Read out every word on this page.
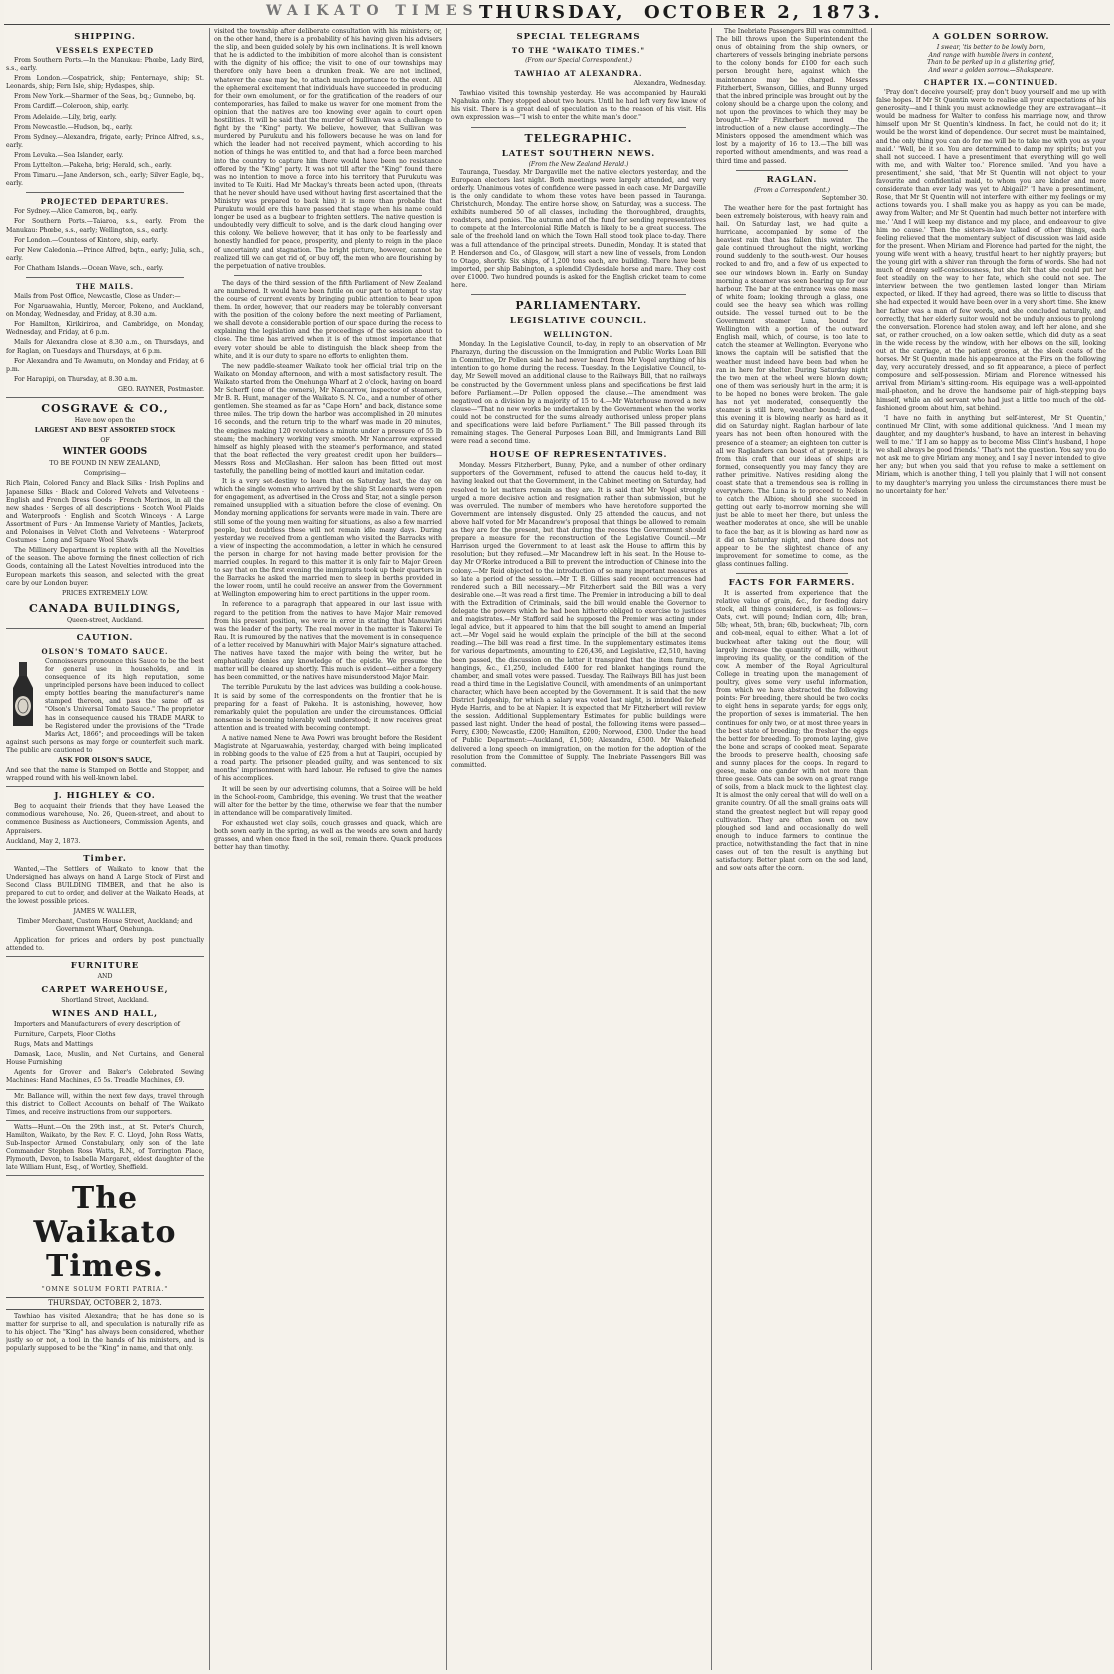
WAIKATO TIMES THURSDAY, OCTOBER 2, 1873.
SHIPPING.
VESSELS EXPECTED

From Southern Ports.—In the Manukau: Phœbe, Lady Bird, s.s., early.

From London.—Cospatrick, ship; Fenternaye, ship; St. Leonards, ship; Fern Isle, ship; Hydaspes, ship.

From New York.—Sharmer of the Seas, bq.; Gunnebo, bq.

From Cardiff.—Coleroon, ship, early.

From Adelaide.—Lily, brig, early.

From Newcastle.—Hudson, bq., early.

From Sydney.—Alexandra, frigate, early; Prince Alfred, s.s., early.

From Levuka.—Sea Islander, early.

From Lyttelton.—Pakeha, brig; Herald, sch., early.

From Timaru.—Jane Anderson, sch., early; Silver Eagle, bq., early.

PROJECTED DEPARTURES.

For Sydney.—Alice Cameron, bq., early.

For Southern Ports.—Taiaroa, s.s., early. From the Manukau: Phœbe, s.s., early; Wellington, s.s., early.

For London.—Countess of Kintore, ship, early.

For New Caledonia.—Prince Alfred, bqtn., early; Julia, sch., early.

For Chatham Islands.—Ocean Wave, sch., early.

THE MAILS.

Mails from Post Office, Newcastle, Close as Under:—

For Ngaruawahia, Huntly, Mercer, Pokeno, and Auckland, on Monday, Wednesday, and Friday, at 8.30 a.m.

For Hamilton, Kirikiriroa, and Cambridge, on Monday, Wednesday, and Friday, at 6 p.m.

Mails for Alexandra close at 8.30 a.m., on Thursdays, and for Raglan, on Tuesdays and Thursdays, at 6 p.m.

For Alexandra and Te Awamutu, on Monday and Friday, at 6 p.m.

For Harapipi, on Thursday, at 8.30 a.m.

GEO. RAYNER, Postmaster.

COSGRAVE & CO.,

Have now open the

LARGEST AND BEST ASSORTED STOCK

OF

WINTER GOODS

TO BE FOUND IN NEW ZEALAND,

Comprising—

Rich Plain, Colored Fancy and Black Silks · Irish Poplins and Japanese Silks · Black and Colored Velvets and Velveteens · English and French Dress Goods · French Merinos, in all the new shades · Serges of all descriptions · Scotch Wool Plaids and Waterproofs · English and Scotch Winceys · A Large Assortment of Furs · An Immense Variety of Mantles, Jackets, and Polonaises in Velvet Cloth and Velveteens · Waterproof Costumes · Long and Square Wool Shawls

The Millinery Department is replete with all the Novelties of the season. The above forming the finest collection of rich Goods, containing all the Latest Novelties introduced into the European markets this season, and selected with the great care by our London buyer.

PRICES EXTREMELY LOW.

CANADA BUILDINGS,

Queen-street, Auckland.

CAUTION.
OLSON'S TOMATO SAUCE.

Connoisseurs pronounce this Sauce to be the best for general use in households, and in consequence of its high reputation, some unprincipled persons have been induced to collect empty bottles bearing the manufacturer's name stamped thereon, and pass the same off as "Olson's Universal Tomato Sauce." The proprietor has in consequence caused his TRADE MARK to be Registered under the provisions of the "Trade Marks Act, 1866"; and proceedings will be taken against such persons as may forge or counterfeit such mark. The public are cautioned to

ASK FOR OLSON'S SAUCE,

And see that the name is Stamped on Bottle and Stopper, and wrapped round with his well-known label.

J. HIGHLEY & CO.

Beg to acquaint their friends that they have Leased the commodious warehouse, No. 26, Queen-street, and about to commence Business as Auctioneers, Commission Agents, and Appraisers.

Auckland, May 2, 1873.

Timber.

Wanted,—The Settlers of Waikato to know that the Undersigned has always on hand A Large Stock of First and Second Class BUILDING TIMBER, and that he also is prepared to cut to order, and deliver at the Waikato Heads, at the lowest possible prices.

JAMES W. WALLER,

Timber Merchant, Custom House Street, Auckland; and Government Wharf, Onehunga.

Application for prices and orders by post punctually attended to.

FURNITURE

AND

CARPET WAREHOUSE,

Shortland Street, Auckland.

WINES AND HALL,

Importers and Manufacturers of every description of

Furniture, Carpets, Floor Cloths

Rugs, Mats and Mattings

Damask, Lace, Muslin, and Net Curtains, and General House Furnishing

Agents for Grover and Baker's Celebrated Sewing Machines: Hand Machines, £5 5s. Treadle Machines, £9.

Mr. Ballance will, within the next few days, travel through this district to Collect Accounts on behalf of The Waikato Times, and receive instructions from our supporters.

Watts—Hunt.—On the 29th inst., at St. Peter's Church, Hamilton, Waikato, by the Rev. F. C. Lloyd, John Ross Watts, Sub-Inspector Armed Constabulary, only son of the late Commander Stephen Ross Watts, R.N., of Torrington Place, Plymouth, Devon, to Isabella Margaret, eldest daughter of the late William Hunt, Esq., of Wortley, Sheffield.

The Waikato Times.
"OMNE SOLUM FORTI PATRIA."
THURSDAY, OCTOBER 2, 1873.

Tawhiao has visited Alexandra; that he has done so is matter for surprise to all, and speculation is naturally rife as to his object. The "King" has always been considered, whether justly so or not, a tool in the hands of his ministers, and is popularly supposed to be the "King" in name, and that only.

visited the township after deliberate consultation with his ministers; or, on the other hand, there is a probability of his having given his advisers the slip, and been guided solely by his own inclinations. It is well known that he is addicted to the imbibition of more alcohol than is consistent with the dignity of his office; the visit to one of our townships may therefore only have been a drunken freak. We are not inclined, whatever the case may be, to attach much importance to the event. All the ephemeral excitement that individuals have succeeded in producing for their own emolument, or for the gratification of the readers of our contemporaries, has failed to make us waver for one moment from the opinion that the natives are too knowing ever again to court open hostilities. It will be said that the murder of Sullivan was a challenge to fight by the "King" party. We believe, however, that Sullivan was murdered by Purukutu and his followers because he was on land for which the leader had not received payment, which according to his notion of things he was entitled to, and that had a force been marched into the country to capture him there would have been no resistance offered by the "King" party. It was not till after the "King" found there was no intention to move a force into his territory that Purukutu was invited to Te Kuiti. Had Mr Mackay's threats been acted upon, (threats that he never should have used without having first ascertained that the Ministry was prepared to back him) it is more than probable that Purukutu would ere this have passed that stage when his name could longer be used as a bugbear to frighten settlers. The native question is undoubtedly very difficult to solve, and is the dark cloud hanging over this colony. We believe however, that it has only to be fearlessly and honestly handled for peace, prosperity, and plenty to reign in the place of uncertainty and stagnation. The bright picture, however, cannot be realized till we can get rid of, or buy off, the men who are flourishing by the perpetuation of native troubles.

The days of the third session of the fifth Parliament of New Zealand are numbered. It would have been futile on our part to attempt to stay the course of current events by bringing public attention to bear upon them. In order, however, that our readers may be tolerably conversant with the position of the colony before the next meeting of Parliament, we shall devote a considerable portion of our space during the recess to explaining the legislation and the proceedings of the session about to close. The time has arrived when it is of the utmost importance that every voter should be able to distinguish the black sheep from the white, and it is our duty to spare no efforts to enlighten them.

The new paddle-steamer Waikato took her official trial trip on the Waikato on Monday afternoon, and with a most satisfactory result. The Waikato started from the Onehunga Wharf at 2 o'clock, having on board Mr Scherff (one of the owners), Mr Nancarrow, inspector of steamers, Mr B. R. Hunt, manager of the Waikato S. N. Co., and a number of other gentlemen. She steamed as far as "Cape Horn" and back, distance some three miles. The trip down the harbor was accomplished in 20 minutes 16 seconds, and the return trip to the wharf was made in 20 minutes, the engines making 120 revolutions a minute under a pressure of 55 lb steam; the machinery working very smooth. Mr Nancarrow expressed himself as highly pleased with the steamer's performance, and stated that the boat reflected the very greatest credit upon her builders—Messrs Ross and McGlashan. Her saloon has been fitted out most tastefully, the panelling being of mottled kauri and imitation cedar.

It is a very set-destiny to learn that on Saturday last, the day on which the single women who arrived by the ship St Leonards were open for engagement, as advertised in the Cross and Star, not a single person remained unsupplied with a situation before the close of evening. On Monday morning applications for servants were made in vain. There are still some of the young men waiting for situations, as also a few married people, but doubtless these will not remain idle many days. During yesterday we received from a gentleman who visited the Barracks with a view of inspecting the accommodation, a letter in which he censured the person in charge for not having made better provision for the married couples. In regard to this matter it is only fair to Major Green to say that on the first evening the immigrants took up their quarters in the Barracks he asked the married men to sleep in berths provided in the lower room, until he could receive an answer from the Government at Wellington empowering him to erect partitions in the upper room.

In reference to a paragraph that appeared in our last issue with regard to the petition from the natives to have Major Mair removed from his present position, we were in error in stating that Manuwhiri was the leader of the party. The real mover in the matter is Takerei Te Rau. It is rumoured by the natives that the movement is in consequence of a letter received by Manuwhiri with Major Mair's signature attached. The natives have taxed the major with being the writer, but he emphatically denies any knowledge of the epistle. We presume the matter will be cleared up shortly. This much is evident—either a forgery has been committed, or the natives have misunderstood Major Mair.

The terrible Purukutu by the last advices was building a cook-house. It is said by some of the correspondents on the frontier that he is preparing for a feast of Pakeha. It is astonishing, however, how remarkably quiet the population are under the circumstances. Official nonsense is becoming tolerably well understood; it now receives great attention and is treated with becoming contempt.

A native named Nene te Awa Powri was brought before the Resident Magistrate at Ngaruawahia, yesterday, charged with being implicated in robbing goods to the value of £25 from a hut at Taupiri, occupied by a road party. The prisoner pleaded guilty, and was sentenced to six months' imprisonment with hard labour. He refused to give the names of his accomplices.

It will be seen by our advertising columns, that a Soiree will be held in the School-room, Cambridge, this evening. We trust that the weather will alter for the better by the time, otherwise we fear that the number in attendance will be comparatively limited.

For exhausted wet clay soils, couch grasses and quack, which are both sown early in the spring, as well as the weeds are sown and hardy grasses, and when once fixed in the soil, remain there. Quack produces better hay than timothy.

SPECIAL TELEGRAMS
TO THE "WAIKATO TIMES."
(From our Special Correspondent.)
TAWHIAO AT ALEXANDRA.

Alexandra, Wednesday.

Tawhiao visited this township yesterday. He was accompanied by Hauraki Ngahuka only. They stopped about two hours. Until he had left very few knew of his visit. There is a great deal of speculation as to the reason of his visit. His own expression was—"I wish to enter the white man's door."

TELEGRAPHIC.
LATEST SOUTHERN NEWS.
(From the New Zealand Herald.)

Tauranga, Tuesday. Mr Dargaville met the native electors yesterday, and the European electors last night. Both meetings were largely attended, and very orderly. Unanimous votes of confidence were passed in each case. Mr Dargaville is the only candidate to whom these votes have been passed in Tauranga. Christchurch, Monday. The entire horse show, on Saturday, was a success. The exhibits numbered 50 of all classes, including the thoroughbred, draughts, roadsters, and ponies. The autumn and of the fund for sending representatives to compete at the Intercolonial Rifle Match is likely to be a great success. The sale of the freehold land on which the Town Hall stood took place to-day. There was a full attendance of the principal streets. Dunedin, Monday. It is stated that P. Henderson and Co., of Glasgow, will start a new line of vessels, from London to Otago, shortly. Six ships, of 1,200 tons each, are building. There have been imported, per ship Babington, a splendid Clydesdale horse and mare. They cost over £1000. Two hundred pounds is asked for the English cricket team to come here.

PARLIAMENTARY.
LEGISLATIVE COUNCIL.
WELLINGTON.

Monday. In the Legislative Council, to-day, in reply to an observation of Mr Pharazyn, during the discussion on the Immigration and Public Works Loan Bill in Committee, Dr Pollen said he had never heard from Mr Vogel anything of his intention to go home during the recess. Tuesday. In the Legislative Council, to-day, Mr Sewell moved an additional clause to the Railways Bill, that no railways be constructed by the Government unless plans and specifications be first laid before Parliament.—Dr Pollen opposed the clause.—The amendment was negatived on a division by a majority of 15 to 4.—Mr Waterhouse moved a new clause—"That no new works be undertaken by the Government when the works could not be constructed for the sums already authorised unless proper plans and specifications were laid before Parliament." The Bill passed through its remaining stages. The General Purposes Loan Bill, and Immigrants Land Bill were read a second time.

HOUSE OF REPRESENTATIVES.

Monday. Messrs Fitzherbert, Bunny, Pyke, and a number of other ordinary supporters of the Government, refused to attend the caucus held to-day, it having leaked out that the Government, in the Cabinet meeting on Saturday, had resolved to let matters remain as they are. It is said that Mr Vogel strongly urged a more decisive action and resignation rather than submission, but he was overruled. The number of members who have heretofore supported the Government are intensely disgusted. Only 25 attended the caucus, and not above half voted for Mr Macandrew's proposal that things be allowed to remain as they are for the present, but that during the recess the Government should prepare a measure for the reconstruction of the Legislative Council.—Mr Harrison urged the Government to at least ask the House to affirm this by resolution; but they refused.—Mr Macandrew left in his seat. In the House to-day Mr O'Rorke introduced a Bill to prevent the introduction of Chinese into the colony.—Mr Reid objected to the introduction of so many important measures at so late a period of the session.—Mr T. B. Gillies said recent occurrences had rendered such a Bill necessary.—Mr Fitzherbert said the Bill was a very desirable one.—It was read a first time. The Premier in introducing a bill to deal with the Extradition of Criminals, said the bill would enable the Governor to delegate the powers which he had been hitherto obliged to exercise to justices and magistrates.—Mr Stafford said he supposed the Premier was acting under legal advice, but it appeared to him that the bill sought to amend an Imperial act.—Mr Vogel said he would explain the principle of the bill at the second reading.—The bill was read a first time. In the supplementary estimates items for various departments, amounting to £26,436, and Legislative, £2,510, having been passed, the discussion on the latter it transpired that the item furniture, hangings, &c., £1,250, included £400 for red blanket hangings round the chamber, and small votes were passed. Tuesday. The Railways Bill has just been read a third time in the Legislative Council, with amendments of an unimportant character, which have been accepted by the Government. It is said that the new District Judgeship, for which a salary was voted last night, is intended for Mr Hyde Harris, and to be at Napier. It is expected that Mr Fitzherbert will review the session. Additional Supplementary Estimates for public buildings were passed last night. Under the head of postal, the following items were passed—Ferry, £300; Newcastle, £200; Hamilton, £200; Norwood, £300. Under the head of Public Department:—Auckland, £1,500; Alexandra, £500. Mr Wakefield delivered a long speech on immigration, on the motion for the adoption of the resolution from the Committee of Supply. The Inebriate Passengers Bill was committed.

The Inebriate Passengers Bill was committed. The bill throws upon the Superintendent the onus of obtaining from the ship owners, or charterers of vessels bringing inebriate persons to the colony bonds for £100 for each such person brought here, against which the maintenance may be charged. Messrs Fitzherbert, Swanson, Gillies, and Bunny urged that the inbred principle was brought out by the colony should be a charge upon the colony, and not upon the provinces to which they may be brought.—Mr Fitzherbert moved the introduction of a new clause accordingly.—The Ministers opposed the amendment which was lost by a majority of 16 to 13.—The bill was reported without amendments, and was read a third time and passed.

RAGLAN.
(From a Correspondent.)

September 30.

The weather here for the past fortnight has been extremely boisterous, with heavy rain and hail. On Saturday last, we had quite a hurricane, accompanied by some of the heaviest rain that has fallen this winter. The gale continued throughout the night, working round suddenly to the south-west. Our houses rocked to and fro, and a few of us expected to see our windows blown in. Early on Sunday morning a steamer was seen bearing up for our harbour. The bar at the entrance was one mass of white foam; looking through a glass, one could see the heavy sea which was rolling outside. The vessel turned out to be the Government steamer Luna, bound for Wellington with a portion of the outward English mail, which, of course, is too late to catch the steamer at Wellington. Everyone who knows the captain will be satisfied that the weather must indeed have been bad when he ran in here for shelter. During Saturday night the two men at the wheel were blown down; one of them was seriously hurt in the arm; it is to be hoped no bones were broken. The gale has not yet moderated, consequently the steamer is still here, weather bound; indeed, this evening it is blowing nearly as hard as it did on Saturday night. Raglan harbour of late years has not been often honoured with the presence of a steamer; an eighteen ton cutter is all we Raglanders can boast of at present; it is from this craft that our ideas of ships are formed, consequently you may fancy they are rather primitive. Natives residing along the coast state that a tremendous sea is rolling in everywhere. The Luna is to proceed to Nelson to catch the Albion; should she succeed in getting out early to-morrow morning she will just be able to meet her there, but unless the weather moderates at once, she will be unable to face the bar, as it is blowing as hard now as it did on Saturday night, and there does not appear to be the slightest chance of any improvement for sometime to come, as the glass continues falling.

FACTS FOR FARMERS.

It is asserted from experience that the relative value of grain, &c., for feeding dairy stock, all things considered, is as follows:—Oats, cwt. will pound; Indian corn, 4lb; bran, 5lb; wheat, 5th, bran; 6lb, buckwheat; 7lb, corn and cob-meal, equal to either. What a lot of buckwheat after taking out the flour, will largely increase the quantity of milk, without improving its quality, or the condition of the cow. A member of the Royal Agricultural College in treating upon the management of poultry, gives some very useful information, from which we have abstracted the following points: For breeding, there should be two cocks to eight hens in separate yards; for eggs only, the proportion of sexes is immaterial. The hen continues for only two, or at most three years in the best state of breeding; the fresher the eggs the better for breeding. To promote laying, give the bone and scraps of cooked meat. Separate the broods to preserve health, choosing safe and sunny places for the coops. In regard to geese, make one gander with not more than three geese. Oats can be sown on a great range of soils, from a black muck to the lightest clay. It is almost the only cereal that will do well on a granite country. Of all the small grains oats will stand the greatest neglect but will repay good cultivation. They are often sown on new ploughed sod land and occasionally do well enough to induce farmers to continue the practice, notwithstanding the fact that in nine cases out of ten the result is anything but satisfactory. Better plant corn on the sod land, and sow oats after the corn.

A GOLDEN SORROW.
I swear, 'tis better to be lowly born,
And range with humble livers in content,
Than to be perked up in a glistering grief,
And wear a golden sorrow.—Shakspeare.
CHAPTER IX.—CONTINUED.

'Pray don't deceive yourself; pray don't buoy yourself and me up with false hopes. If Mr St Quentin were to realise all your expectations of his generosity—and I think you must acknowledge they are extravagant—it would be madness for Walter to confess his marriage now, and throw himself upon Mr St Quentin's kindness. In fact, he could not do it; it would be the worst kind of dependence. Our secret must be maintained, and the only thing you can do for me will be to take me with you as your maid.' 'Well, be it so. You are determined to damp my spirits; but you shall not succeed. I have a presentiment that everything will go well with me, and with Walter too.' Florence smiled. 'And you have a presentiment,' she said, 'that Mr St Quentin will not object to your favourite and confidential maid, to whom you are kinder and more considerate than ever lady was yet to Abigail?' 'I have a presentiment, Rose, that Mr St Quentin will not interfere with either my feelings or my actions towards you. I shall make you as happy as you can be made, away from Walter; and Mr St Quentin had much better not interfere with me.' 'And I will keep my distance and my place, and endeavour to give him no cause.' Then the sisters-in-law talked of other things, each feeling relieved that the momentary subject of discussion was laid aside for the present. When Miriam and Florence had parted for the night, the young wife went with a heavy, trustful heart to her nightly prayers; but the young girl with a shiver ran through the form of words. She had not much of dreamy self-consciousness, but she felt that she could put her feet steadily on the way to her fate, which she could not see. The interview between the two gentlemen lasted longer than Miriam expected, or liked. If they had agreed, there was so little to discuss that she had expected it would have been over in a very short time. She knew her father was a man of few words, and she concluded naturally, and correctly, that her elderly suitor would not be unduly anxious to prolong the conversation. Florence had stolen away, and left her alone, and she sat, or rather crouched, on a low oaken settle, which did duty as a seat in the wide recess by the window, with her elbows on the sill, looking out at the carriage, at the patient grooms, at the sleek coats of the horses. Mr St Quentin made his appearance at the Firs on the following day, very accurately dressed, and so fit appearance, a piece of perfect composure and self-possession. Miriam and Florence witnessed his arrival from Miriam's sitting-room. His equipage was a well-appointed mail-phaeton, and he drove the handsome pair of high-stepping bays himself, while an old servant who had just a little too much of the old-fashioned groom about him, sat behind.

'I have no faith in anything but self-interest, Mr St Quentin,' continued Mr Clint, with some additional quickness. 'And I mean my daughter, and my daughter's husband, to have an interest in behaving well to me.' 'If I am so happy as to become Miss Clint's husband, I hope we shall always be good friends.' 'That's not the question. You say you do not ask me to give Miriam any money, and I say I never intended to give her any; but when you said that you refuse to make a settlement on Miriam, which is another thing, I tell you plainly that I will not consent to my daughter's marrying you unless the circumstances there must be no uncertainty for her.'
